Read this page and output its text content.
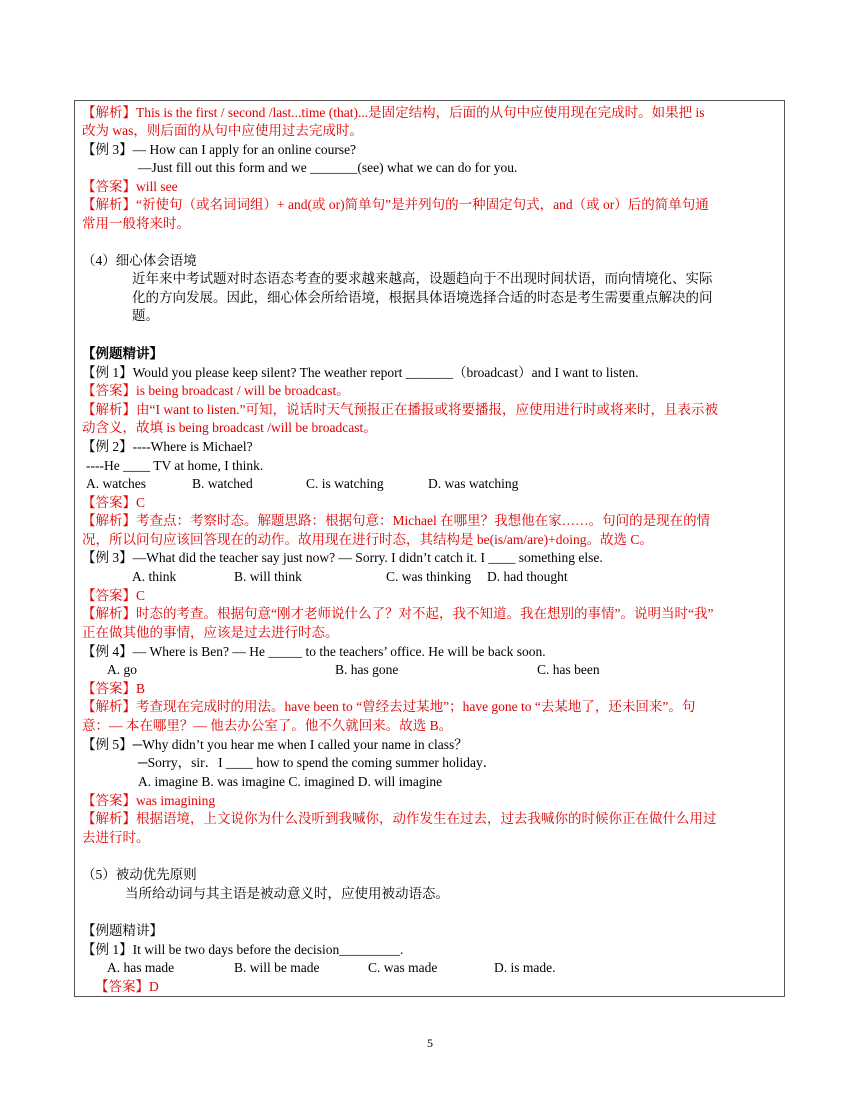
【解析】This is the first / second /last...time (that)...是固定结构，后面的从句中应使用现在完成时。如果把 is
改为 was，则后面的从句中应使用过去完成时。
【例 3】— How can I apply for an online course?
—Just fill out this form and we _______(see) what we can do for you.
【答案】will see
【解析】“祈使句（或名词词组）+ and(或 or)简单句”是并列句的一种固定句式，and（或 or）后的简单句通
常用一般将来时。
（4）细心体会语境
近年来中考试题对时态语态考查的要求越来越高，设题趋向于不出现时间状语，而向情境化、实际
化的方向发展。因此，细心体会所给语境，根据具体语境选择合适的时态是考生需要重点解决的问
题。
【例题精讲】
【例 1】Would you please keep silent? The weather report _______（broadcast）and I want to listen.
【答案】is being broadcast / will be broadcast。
【解析】由“I want to listen.”可知，说话时天气预报正在播报或将要播报，应使用进行时或将来时，且表示被
动含义，故填 is being broadcast /will be broadcast。
【例 2】----Where is Michael?
----He ____ TV at home, I think.
A. watches	B. watched	C. is watching	D. was watching
【答案】C
【解析】考查点：考察时态。解题思路：根据句意：Michael 在哪里？我想他在家……。句问的是现在的情
况，所以问句应该回答现在的动作。故用现在进行时态，其结构是 be(is/am/are)+doing。故选 C。
【例 3】—What did the teacher say just now? — Sorry. I didn’t catch it. I ____ something else.
A. think	B. will think	C. was thinking D. had thought
【答案】C
【解析】时态的考查。根据句意“刚才老师说什么了？对不起，我不知道。我在想别的事情”。说明当时“我”
正在做其他的事情，应该是过去进行时态。
【例 4】— Where is Ben? — He _____ to the teachers’ office. He will be back soon.
A. go	B. has gone	C. has been
【答案】B
【解析】考查现在完成时的用法。have been to “曾经去过某地”；have gone to “去某地了，还未回来”。句
意：— 本在哪里？— 他去办公室了。他不久就回来。故选 B。
【例 5】─Why didn’t you hear me when I called your name in class？
─Sorry，sir．I ____ how to spend the coming summer holiday．
A. imagine B. was imagine C. imagined D. will imagine
【答案】was imagining
【解析】根据语境，上文说你为什么没听到我喊你，动作发生在过去，过去我喊你的时候你正在做什么用过
去进行时。
（5）被动优先原则
当所给动词与其主语是被动意义时，应使用被动语态。
【例题精讲】
【例 1】It will be two days before the decision_________.
A. has made	B. will be made	C. was made	D. is made.
【答案】D
5
